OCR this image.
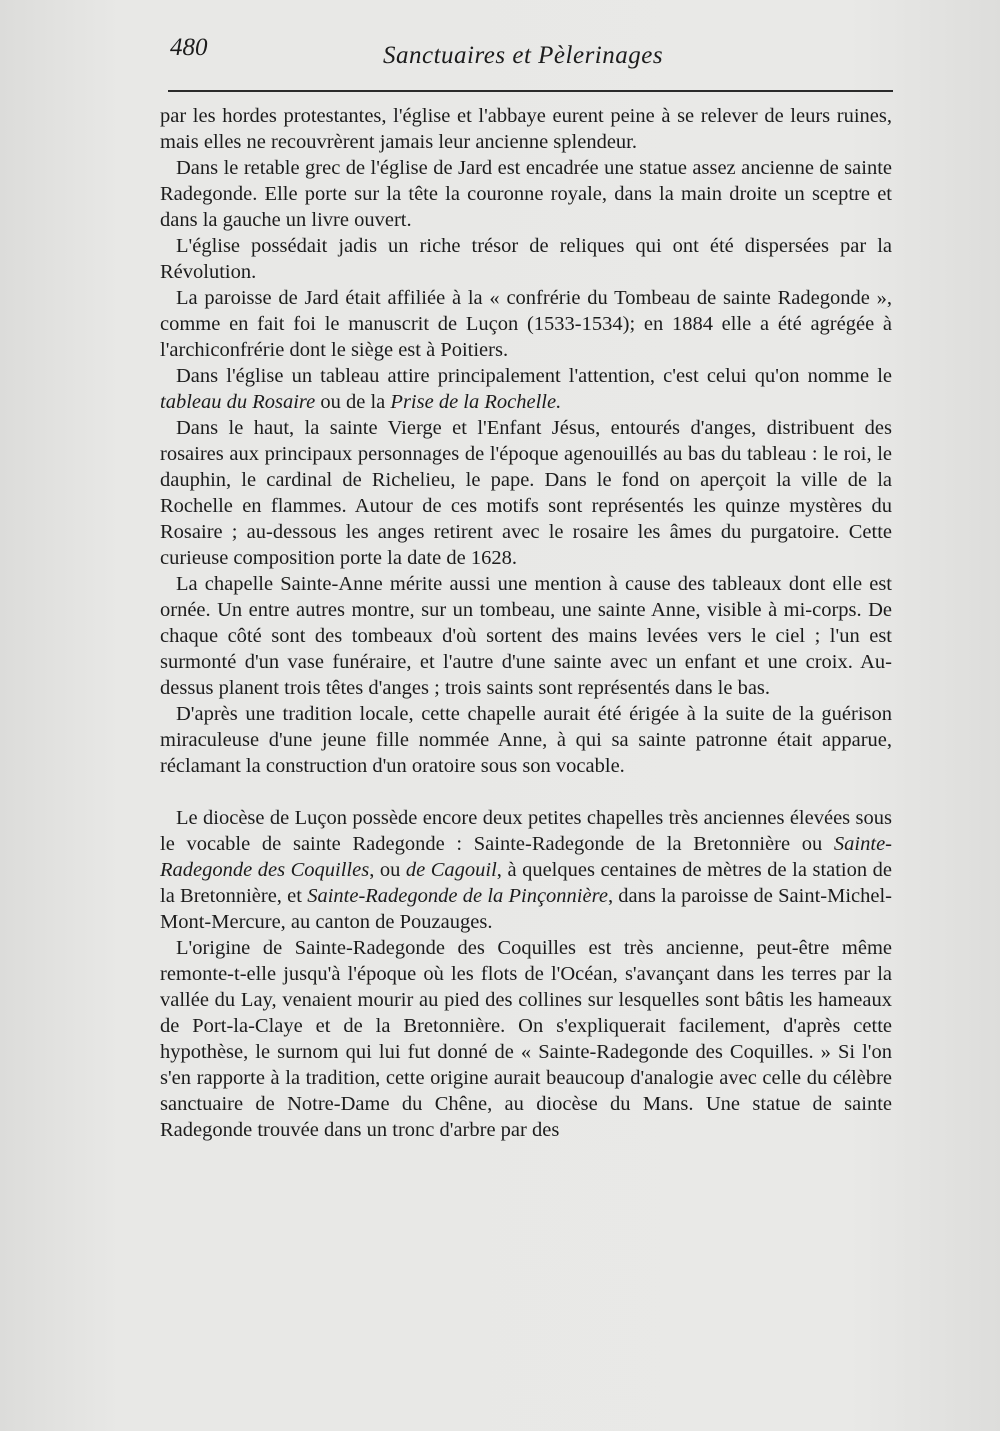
480	Sanctuaires et Pèlerinages

par les hordes protestantes, l'église et l'abbaye eurent peine à se relever de leurs ruines, mais elles ne recouvrèrent jamais leur ancienne splendeur.

Dans le retable grec de l'église de Jard est encadrée une statue assez ancienne de sainte Radegonde. Elle porte sur la tête la couronne royale, dans la main droite un sceptre et dans la gauche un livre ouvert.

L'église possédait jadis un riche trésor de reliques qui ont été dispersées par la Révolution.

La paroisse de Jard était affiliée à la « confrérie du Tombeau de sainte Radegonde », comme en fait foi le manuscrit de Luçon (1533-1534); en 1884 elle a été agrégée à l'archiconfrérie dont le siège est à Poitiers.

Dans l'église un tableau attire principalement l'attention, c'est celui qu'on nomme le tableau du Rosaire ou de la Prise de la Rochelle.

Dans le haut, la sainte Vierge et l'Enfant Jésus, entourés d'anges, distribuent des rosaires aux principaux personnages de l'époque agenouillés au bas du tableau : le roi, le dauphin, le cardinal de Richelieu, le pape. Dans le fond on aperçoit la ville de la Rochelle en flammes. Autour de ces motifs sont représentés les quinze mystères du Rosaire ; au-dessous les anges retirent avec le rosaire les âmes du purgatoire. Cette curieuse composition porte la date de 1628.

La chapelle Sainte-Anne mérite aussi une mention à cause des tableaux dont elle est ornée. Un entre autres montre, sur un tombeau, une sainte Anne, visible à mi-corps. De chaque côté sont des tombeaux d'où sortent des mains levées vers le ciel ; l'un est surmonté d'un vase funéraire, et l'autre d'une sainte avec un enfant et une croix. Au-dessus planent trois têtes d'anges ; trois saints sont représentés dans le bas.

D'après une tradition locale, cette chapelle aurait été érigée à la suite de la guérison miraculeuse d'une jeune fille nommée Anne, à qui sa sainte patronne était apparue, réclamant la construction d'un oratoire sous son vocable.

Le diocèse de Luçon possède encore deux petites chapelles très anciennes élevées sous le vocable de sainte Radegonde : Sainte-Radegonde de la Bretonnière ou Sainte-Radegonde des Coquilles, ou de Cagouil, à quelques centaines de mètres de la station de la Bretonnière, et Sainte-Radegonde de la Pinçonnière, dans la paroisse de Saint-Michel-Mont-Mercure, au canton de Pouzauges.

L'origine de Sainte-Radegonde des Coquilles est très ancienne, peut-être même remonte-t-elle jusqu'à l'époque où les flots de l'Océan, s'avançant dans les terres par la vallée du Lay, venaient mourir au pied des collines sur lesquelles sont bâtis les hameaux de Port-la-Claye et de la Bretonnière. On s'expliquerait facilement, d'après cette hypothèse, le surnom qui lui fut donné de « Sainte-Radegonde des Coquilles. » Si l'on s'en rapporte à la tradition, cette origine aurait beaucoup d'analogie avec celle du célèbre sanctuaire de Notre-Dame du Chêne, au diocèse du Mans. Une statue de sainte Radegonde trouvée dans un tronc d'arbre par des
